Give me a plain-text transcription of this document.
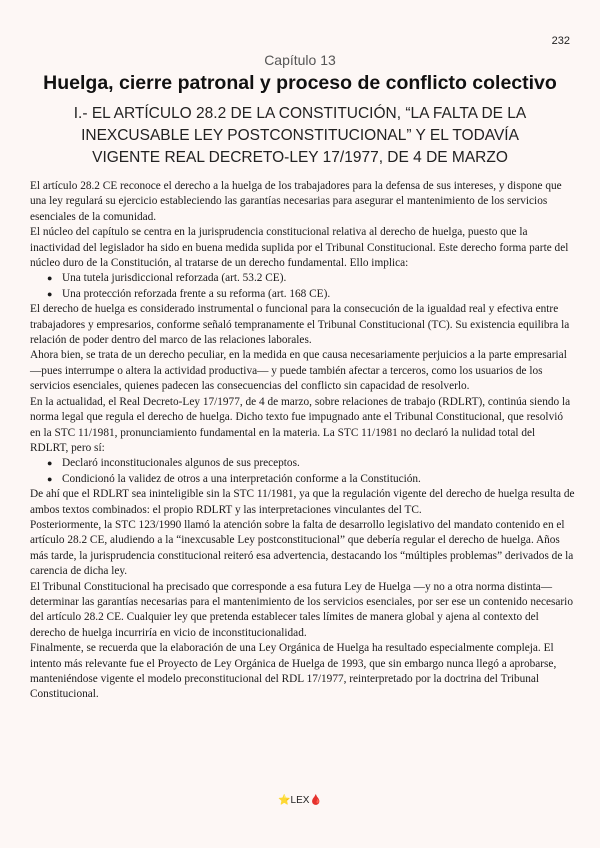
232
Capítulo 13
Huelga, cierre patronal y proceso de conflicto colectivo
I.- EL ARTÍCULO 28.2 DE LA CONSTITUCIÓN, “LA FALTA DE LA INEXCUSABLE LEY POSTCONSTITUCIONAL” Y EL TODAVÍA VIGENTE REAL DECRETO-LEY 17/1977, DE 4 DE MARZO

El artículo 28.2 CE reconoce el derecho a la huelga de los trabajadores para la defensa de sus intereses, y dispone que una ley regulará su ejercicio estableciendo las garantías necesarias para asegurar el mantenimiento de los servicios esenciales de la comunidad.

El núcleo del capítulo se centra en la jurisprudencia constitucional relativa al derecho de huelga, puesto que la inactividad del legislador ha sido en buena medida suplida por el Tribunal Constitucional. Este derecho forma parte del núcleo duro de la Constitución, al tratarse de un derecho fundamental. Ello implica:

● Una tutela jurisdiccional reforzada (art. 53.2 CE).
● Una protección reforzada frente a su reforma (art. 168 CE).

El derecho de huelga es considerado instrumental o funcional para la consecución de la igualdad real y efectiva entre trabajadores y empresarios, conforme señaló tempranamente el Tribunal Constitucional (TC). Su existencia equilibra la relación de poder dentro del marco de las relaciones laborales.

Ahora bien, se trata de un derecho peculiar, en la medida en que causa necesariamente perjuicios a la parte empresarial —pues interrumpe o altera la actividad productiva— y puede también afectar a terceros, como los usuarios de los servicios esenciales, quienes padecen las consecuencias del conflicto sin capacidad de resolverlo.

En la actualidad, el Real Decreto-Ley 17/1977, de 4 de marzo, sobre relaciones de trabajo (RDLRT), continúa siendo la norma legal que regula el derecho de huelga. Dicho texto fue impugnado ante el Tribunal Constitucional, que resolvió en la STC 11/1981, pronunciamiento fundamental en la materia. La STC 11/1981 no declaró la nulidad total del RDLRT, pero sí:

● Declaró inconstitucionales algunos de sus preceptos.
● Condicionó la validez de otros a una interpretación conforme a la Constitución.

De ahí que el RDLRT sea ininteligible sin la STC 11/1981, ya que la regulación vigente del derecho de huelga resulta de ambos textos combinados: el propio RDLRT y las interpretaciones vinculantes del TC.

Posteriormente, la STC 123/1990 llamó la atención sobre la falta de desarrollo legislativo del mandato contenido en el artículo 28.2 CE, aludiendo a la “inexcusable Ley postconstitucional” que debería regular el derecho de huelga. Años más tarde, la jurisprudencia constitucional reiteró esa advertencia, destacando los “múltiples problemas” derivados de la carencia de dicha ley.

El Tribunal Constitucional ha precisado que corresponde a esa futura Ley de Huelga —y no a otra norma distinta— determinar las garantías necesarias para el mantenimiento de los servicios esenciales, por ser ese un contenido necesario del artículo 28.2 CE. Cualquier ley que pretenda establecer tales límites de manera global y ajena al contexto del derecho de huelga incurriría en vicio de inconstitucionalidad.

Finalmente, se recuerda que la elaboración de una Ley Orgánica de Huelga ha resultado especialmente compleja. El intento más relevante fue el Proyecto de Ley Orgánica de Huelga de 1993, que sin embargo nunca llegó a aprobarse, manteniéndose vigente el modelo preconstitucional del RDL 17/1977, reinterpretado por la doctrina del Tribunal Constitucional.

⭐LEX🩸
